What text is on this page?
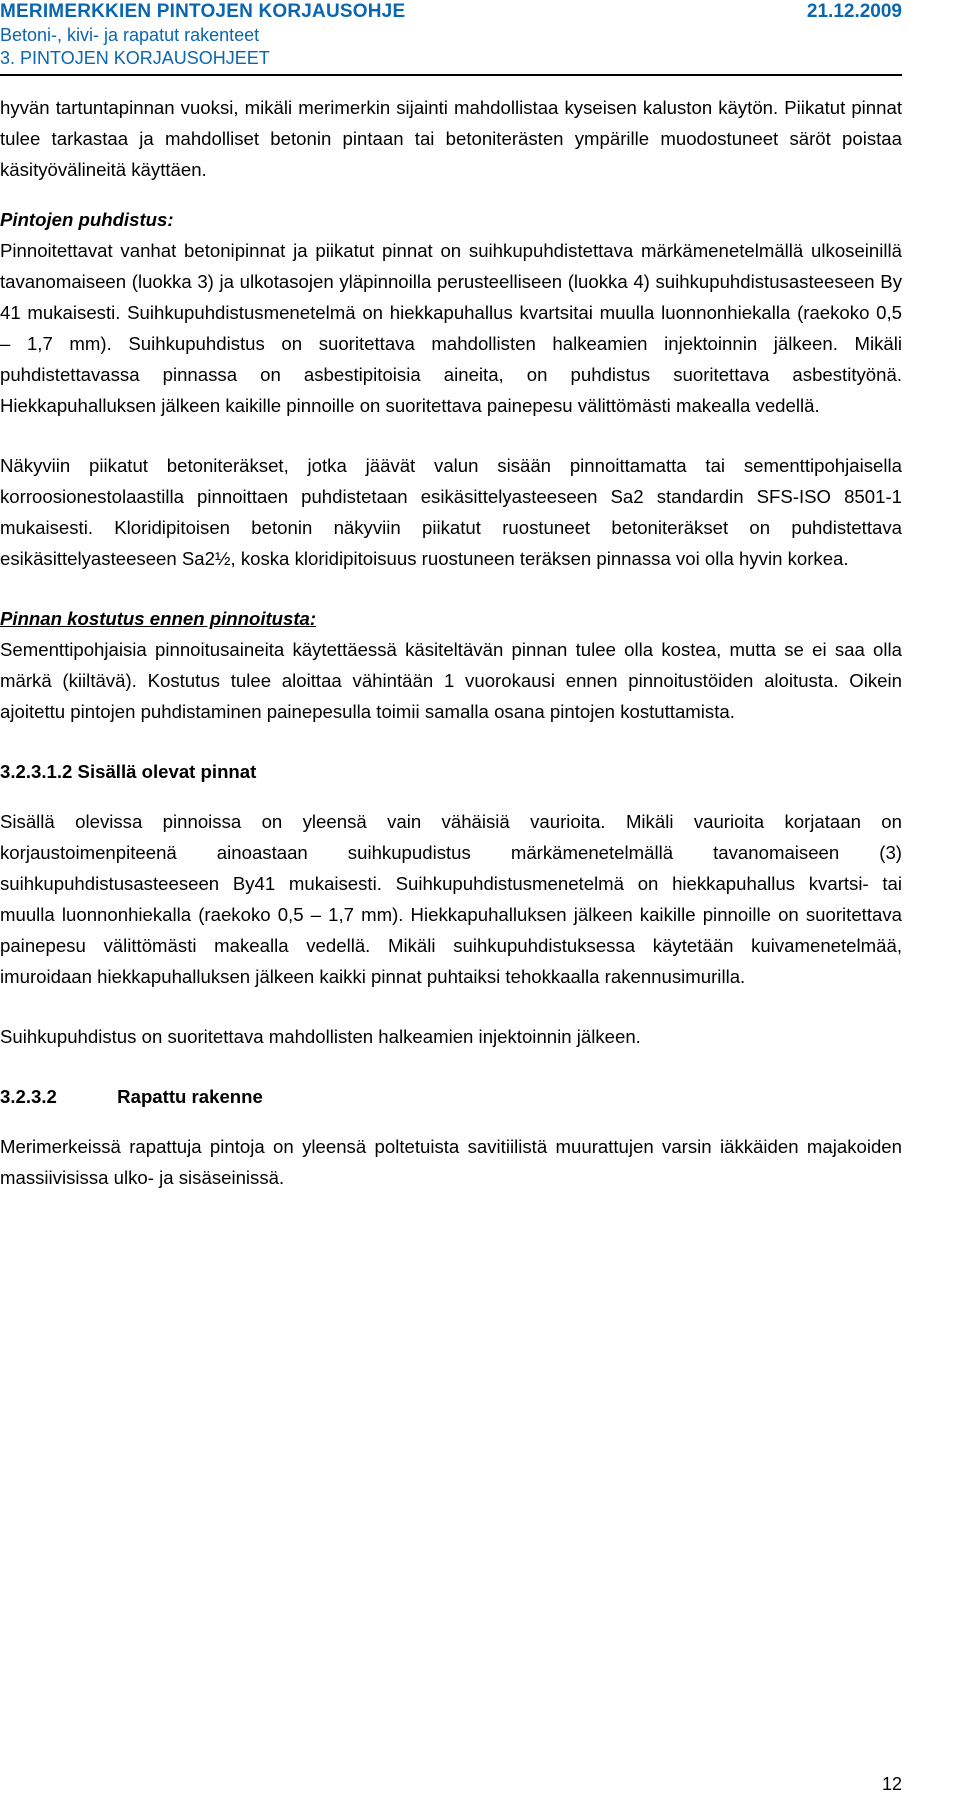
MERIMERKKIEN PINTOJEN KORJAUSOHJE	21.12.2009
Betoni-, kivi- ja rapatut rakenteet
3. PINTOJEN KORJAUSOHJEET

hyvän tartuntapinnan vuoksi, mikäli merimerkin sijainti mahdollistaa kyseisen kaluston käytön. Piikatut pinnat tulee tarkastaa ja mahdolliset betonin pintaan tai betoniterästen ympärille muodostuneet säröt poistaa käsityövälineitä käyttäen.

Pintojen puhdistus:

Pinnoitettavat vanhat betonipinnat ja piikatut pinnat on suihkupuhdistettava märkämenetelmällä ulkoseinillä tavanomaiseen (luokka 3) ja ulkotasojen yläpinnoilla perusteelliseen (luokka 4) suihkupuhdistusasteeseen By 41 mukaisesti. Suihkupuhdistusmenetelmä on hiekkapuhallus kvartsitai muulla luonnonhiekalla (raekoko 0,5 – 1,7 mm). Suihkupuhdistus on suoritettava mahdollisten halkeamien injektoinnin jälkeen. Mikäli puhdistettavassa pinnassa on asbestipitoisia aineita, on puhdistus suoritettava asbestityönä. Hiekkapuhalluksen jälkeen kaikille pinnoille on suoritettava painepesu välittömästi makealla vedellä.

Näkyviin piikatut betoniteräkset, jotka jäävät valun sisään pinnoittamatta tai sementtipohjaisella korroosionestolaastilla pinnoittaen puhdistetaan esikäsittelyasteeseen Sa2 standardin SFS-ISO 8501-1 mukaisesti. Kloridipitoisen betonin näkyviin piikatut ruostuneet betoniteräkset on puhdistettava esikäsittelyasteeseen Sa2½, koska kloridipitoisuus ruostuneen teräksen pinnassa voi olla hyvin korkea.

Pinnan kostutus ennen pinnoitusta:

Sementtipohjaisia pinnoitusaineita käytettäessä käsiteltävän pinnan tulee olla kostea, mutta se ei saa olla märkä (kiiltävä). Kostutus tulee aloittaa vähintään 1 vuorokausi ennen pinnoitustöiden aloitusta. Oikein ajoitettu pintojen puhdistaminen painepesulla toimii samalla osana pintojen kostuttamista.

3.2.3.1.2 Sisällä olevat pinnat

Sisällä olevissa pinnoissa on yleensä vain vähäisiä vaurioita. Mikäli vaurioita korjataan on korjaustoimenpiteenä ainoastaan suihkupudistus märkämenetelmällä tavanomaiseen (3) suihkupuhdistusasteeseen By41 mukaisesti. Suihkupuhdistusmenetelmä on hiekkapuhallus kvartsi- tai muulla luonnonhiekalla (raekoko 0,5 – 1,7 mm). Hiekkapuhalluksen jälkeen kaikille pinnoille on suoritettava painepesu välittömästi makealla vedellä. Mikäli suihkupuhdistuksessa käytetään kuivamenetelmää, imuroidaan hiekkapuhalluksen jälkeen kaikki pinnat puhtaiksi tehokkaalla rakennusimurilla.

Suihkupuhdistus on suoritettava mahdollisten halkeamien injektoinnin jälkeen.

3.2.3.2	Rapattu rakenne

Merimerkeissä rapattuja pintoja on yleensä poltetuista savitiilistä muurattujen varsin iäkkäiden majakoiden massiivisissa ulko- ja sisäseinissä.

12
